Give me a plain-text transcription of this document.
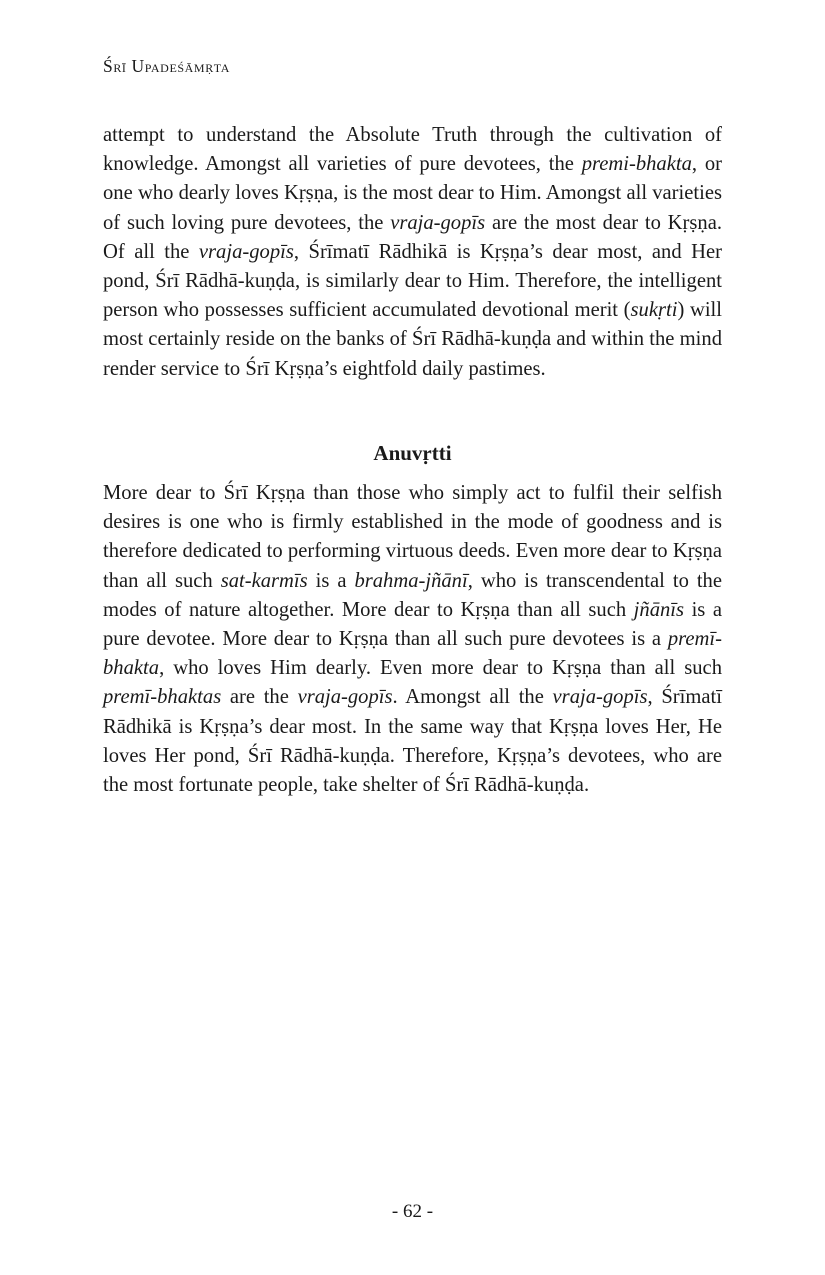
Śrī Upadeśāmṛta

attempt to understand the Absolute Truth through the cultivation of knowledge. Amongst all varieties of pure devotees, the premi-bhakta, or one who dearly loves Kṛṣṇa, is the most dear to Him. Amongst all varieties of such loving pure devotees, the vraja-gopīs are the most dear to Kṛṣṇa. Of all the vraja-gopīs, Śrīmatī Rādhikā is Kṛṣṇa’s dear most, and Her pond, Śrī Rādhā-kuṇḍa, is similarly dear to Him. Therefore, the intelligent person who possesses sufficient accumulated devotional merit (sukṛti) will most certainly reside on the banks of Śrī Rādhā-kuṇḍa and within the mind render service to Śrī Kṛṣṇa’s eightfold daily pastimes.

Anuvṛtti

More dear to Śrī Kṛṣṇa than those who simply act to fulfil their selfish desires is one who is firmly established in the mode of goodness and is therefore dedicated to performing virtuous deeds. Even more dear to Kṛṣṇa than all such sat-karmīs is a brahma-jñānī, who is transcendental to the modes of nature altogether. More dear to Kṛṣṇa than all such jñānīs is a pure devotee. More dear to Kṛṣṇa than all such pure devotees is a premī-bhakta, who loves Him dearly. Even more dear to Kṛṣṇa than all such premī-bhaktas are the vraja-gopīs. Amongst all the vraja-gopīs, Śrīmatī Rādhikā is Kṛṣṇa’s dear most. In the same way that Kṛṣṇa loves Her, He loves Her pond, Śrī Rādhā-kuṇḍa. Therefore, Kṛṣṇa’s devotees, who are the most fortunate people, take shelter of Śrī Rādhā-kuṇḍa.

- 62 -
